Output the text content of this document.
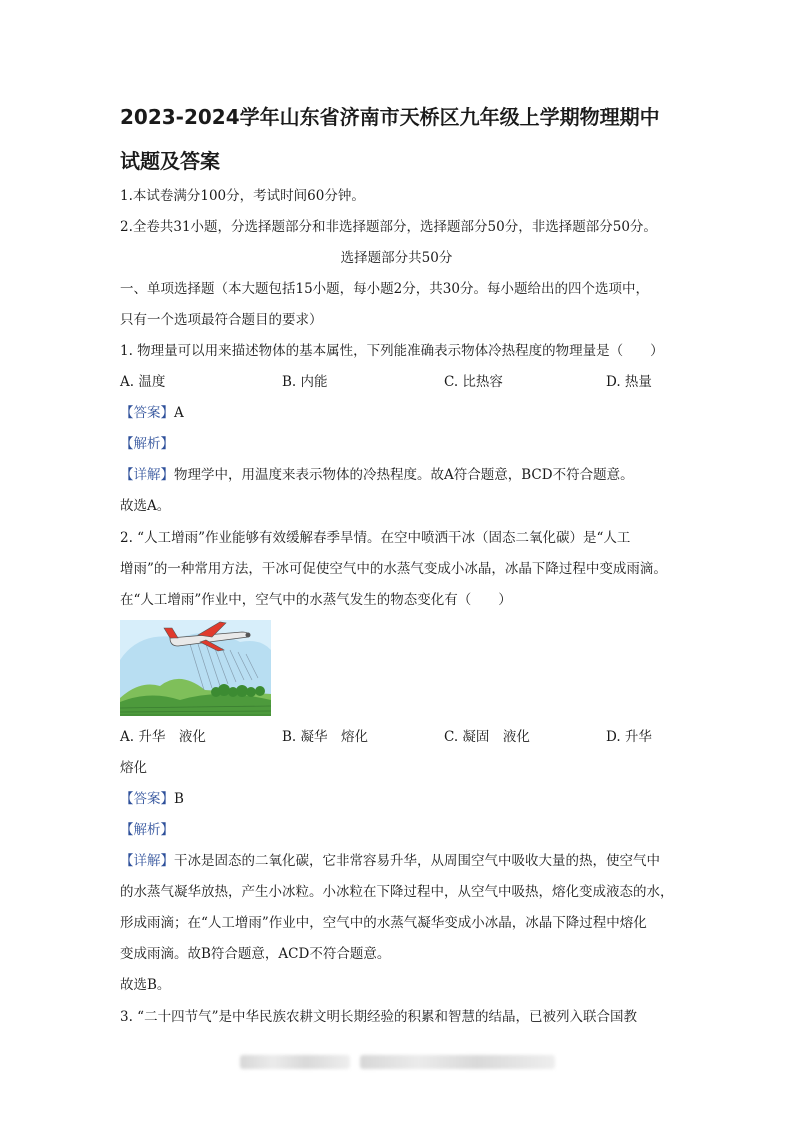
2023-2024学年山东省济南市天桥区九年级上学期物理期中
试题及答案
1.本试卷满分100分，考试时间60分钟。
2.全卷共31小题，分选择题部分和非选择题部分，选择题部分50分，非选择题部分50分。
选择题部分共50分
一、单项选择题（本大题包括15小题，每小题2分，共30分。每小题给出的四个选项中，
只有一个选项最符合题目的要求）
1. 物理量可以用来描述物体的基本属性，下列能准确表示物体冷热程度的物理量是（　　）
A. 温度	B. 内能	C. 比热容	D. 热量
【答案】A
【解析】
【详解】物理学中，用温度来表示物体的冷热程度。故A符合题意，BCD不符合题意。
故选A。
2. “人工增雨”作业能够有效缓解春季旱情。在空中喷洒干冰（固态二氧化碳）是“人工
增雨”的一种常用方法，干冰可促使空气中的水蒸气变成小冰晶，冰晶下降过程中变成雨滴。
在“人工增雨”作业中，空气中的水蒸气发生的物态变化有（　　）
A. 升华　液化	B. 凝华　熔化	C. 凝固　液化	D. 升华
熔化
【答案】B
【解析】
【详解】干冰是固态的二氧化碳，它非常容易升华，从周围空气中吸收大量的热，使空气中
的水蒸气凝华放热，产生小冰粒。小冰粒在下降过程中，从空气中吸热，熔化变成液态的水，
形成雨滴；在“人工增雨”作业中，空气中的水蒸气凝华变成小冰晶，冰晶下降过程中熔化
变成雨滴。故B符合题意，ACD不符合题意。
故选B。
3. “二十四节气”是中华民族农耕文明长期经验的积累和智慧的结晶，已被列入联合国教
